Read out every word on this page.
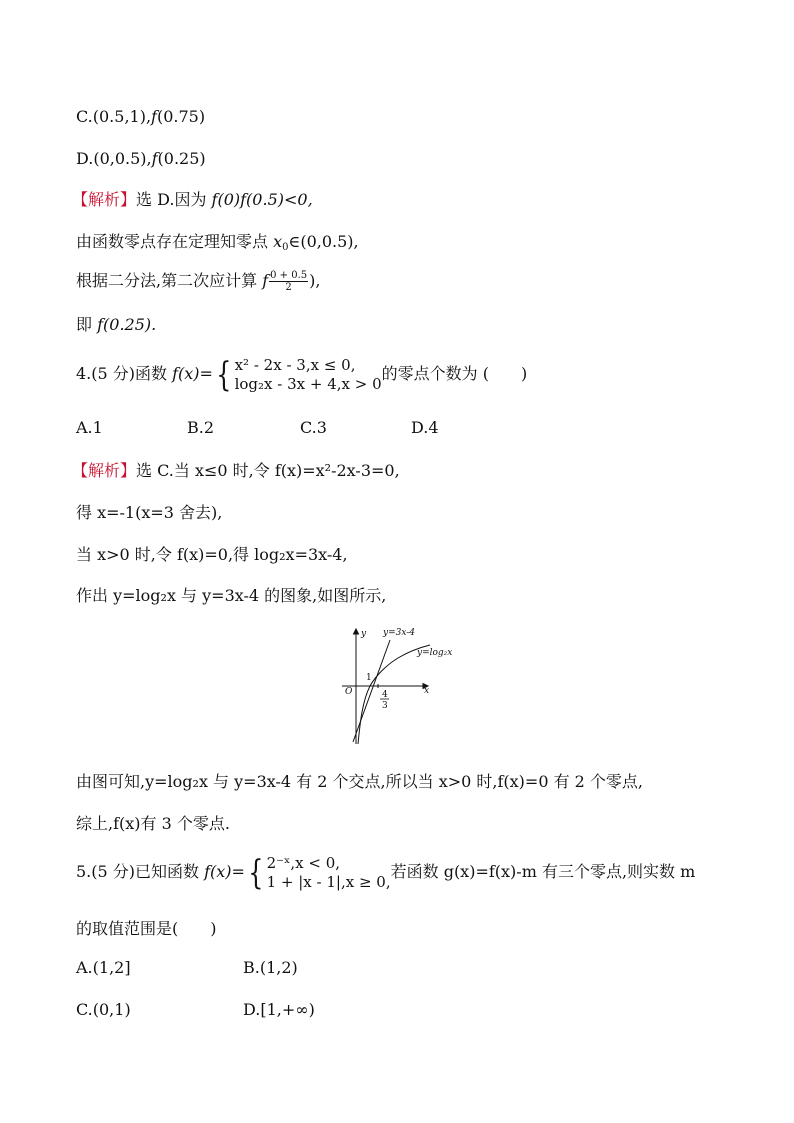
C.(0.5,1),f(0.75)
D.(0,0.5),f(0.25)
【解析】选 D.因为 f(0)f(0.5)<0,
由函数零点存在定理知零点 $x_0\in(0,0.5)$,
根据二分法,第二次应计算 f $\frac{0 + 0.5}{2}$ ),
即 f(0.25).
4.(5 分)函数 f(x)={ x² - 2x - 3,x ≤ 0,
log₂x - 3x + 4,x > 0
的零点个数为 (　　)
A.1	B.2	C.3	D.4
【解析】选 C.当 x≤0 时,令 f(x)=x²-2x-3=0,
得 x=-1(x=3 舍去),
当 x>0 时,令 f(x)=0,得 log₂x=3x-4,
作出 y=log₂x 与 y=3x-4 的图象,如图所示,
y y=3x-4
y=log₂x
O	x
1
4
3
由图可知,y=log₂x 与 y=3x-4 有 2 个交点,所以当 x>0 时,f(x)=0 有 2 个零点,
综上,f(x)有 3 个零点.
5.(5 分)已知函数 f(x)={ 2⁻ˣ,x < 0,
1 + |x - 1|,x ≥ 0,
若函数 g(x)=f(x)-m 有三个零点,则实数 m
的取值范围是(　　)
A.(1,2]	B.(1,2)
C.(0,1)	D.[1,+∞)
